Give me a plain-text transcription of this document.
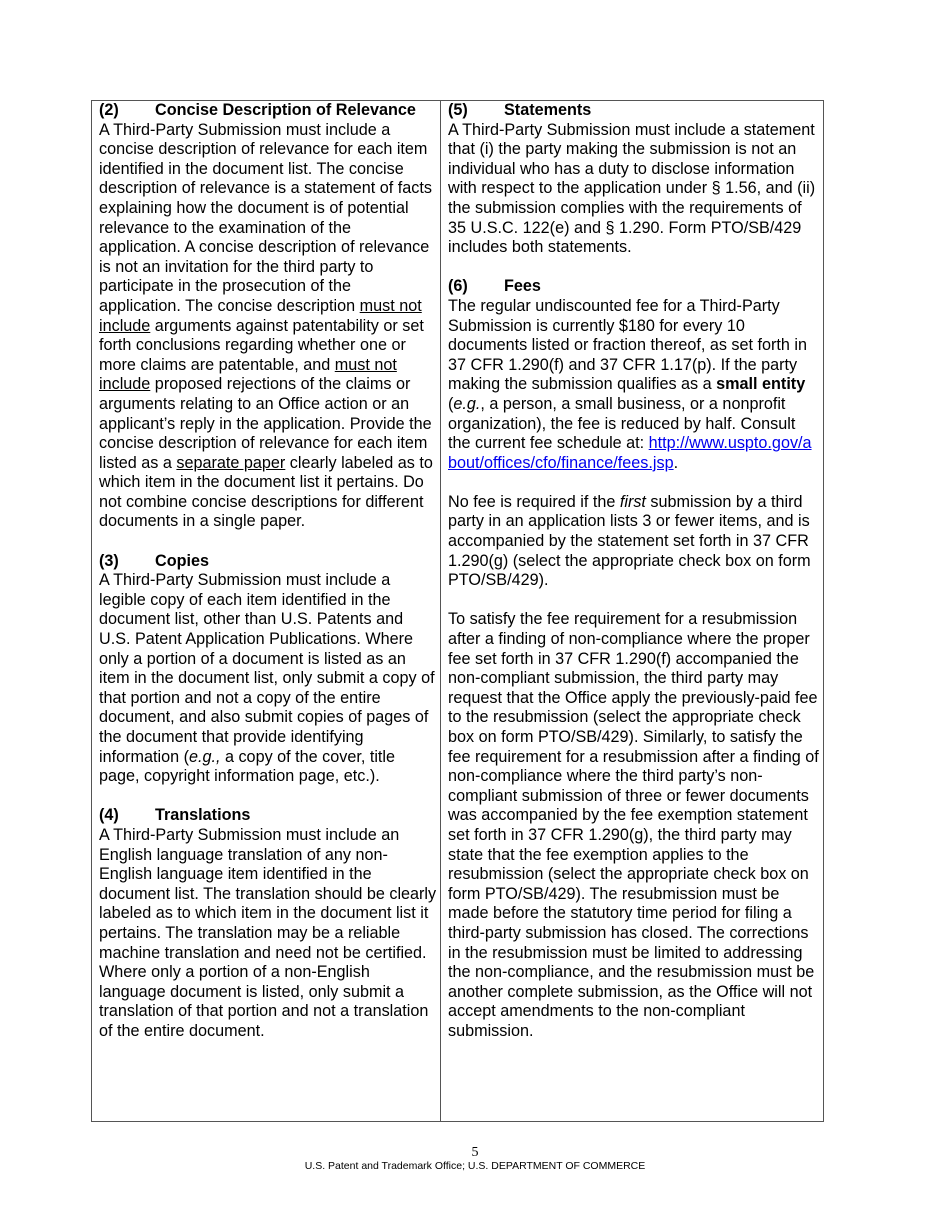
(2) Concise Description of Relevance

A Third-Party Submission must include a concise description of relevance for each item identified in the document list. The concise description of relevance is a statement of facts explaining how the document is of potential relevance to the examination of the application. A concise description of relevance is not an invitation for the third party to participate in the prosecution of the application. The concise description must not include arguments against patentability or set forth conclusions regarding whether one or more claims are patentable, and must not include proposed rejections of the claims or arguments relating to an Office action or an applicant’s reply in the application. Provide the concise description of relevance for each item listed as a separate paper clearly labeled as to which item in the document list it pertains. Do not combine concise descriptions for different documents in a single paper.

(3) Copies

A Third-Party Submission must include a legible copy of each item identified in the document list, other than U.S. Patents and U.S. Patent Application Publications. Where only a portion of a document is listed as an item in the document list, only submit a copy of that portion and not a copy of the entire document, and also submit copies of pages of the document that provide identifying information (e.g., a copy of the cover, title page, copyright information page, etc.).

(4) Translations

A Third-Party Submission must include an English language translation of any non-English language item identified in the document list. The translation should be clearly labeled as to which item in the document list it pertains. The translation may be a reliable machine translation and need not be certified. Where only a portion of a non-English language document is listed, only submit a translation of that portion and not a translation of the entire document.

(5) Statements

A Third-Party Submission must include a statement that (i) the party making the submission is not an individual who has a duty to disclose information with respect to the application under § 1.56, and (ii) the submission complies with the requirements of 35 U.S.C. 122(e) and § 1.290. Form PTO/SB/429 includes both statements.

(6) Fees

The regular undiscounted fee for a Third-Party Submission is currently $180 for every 10 documents listed or fraction thereof, as set forth in 37 CFR 1.290(f) and 37 CFR 1.17(p). If the party making the submission qualifies as a small entity (e.g., a person, a small business, or a nonprofit organization), the fee is reduced by half. Consult the current fee schedule at: http://www.uspto.gov/about/offices/cfo/finance/fees.jsp.

No fee is required if the first submission by a third party in an application lists 3 or fewer items, and is accompanied by the statement set forth in 37 CFR 1.290(g) (select the appropriate check box on form PTO/SB/429).

To satisfy the fee requirement for a resubmission after a finding of non-compliance where the proper fee set forth in 37 CFR 1.290(f) accompanied the non-compliant submission, the third party may request that the Office apply the previously-paid fee to the resubmission (select the appropriate check box on form PTO/SB/429). Similarly, to satisfy the fee requirement for a resubmission after a finding of non-compliance where the third party’s non-compliant submission of three or fewer documents was accompanied by the fee exemption statement set forth in 37 CFR 1.290(g), the third party may state that the fee exemption applies to the resubmission (select the appropriate check box on form PTO/SB/429). The resubmission must be made before the statutory time period for filing a third-party submission has closed. The corrections in the resubmission must be limited to addressing the non-compliance, and the resubmission must be another complete submission, as the Office will not accept amendments to the non-compliant submission.

5
U.S. Patent and Trademark Office; U.S. DEPARTMENT OF COMMERCE
